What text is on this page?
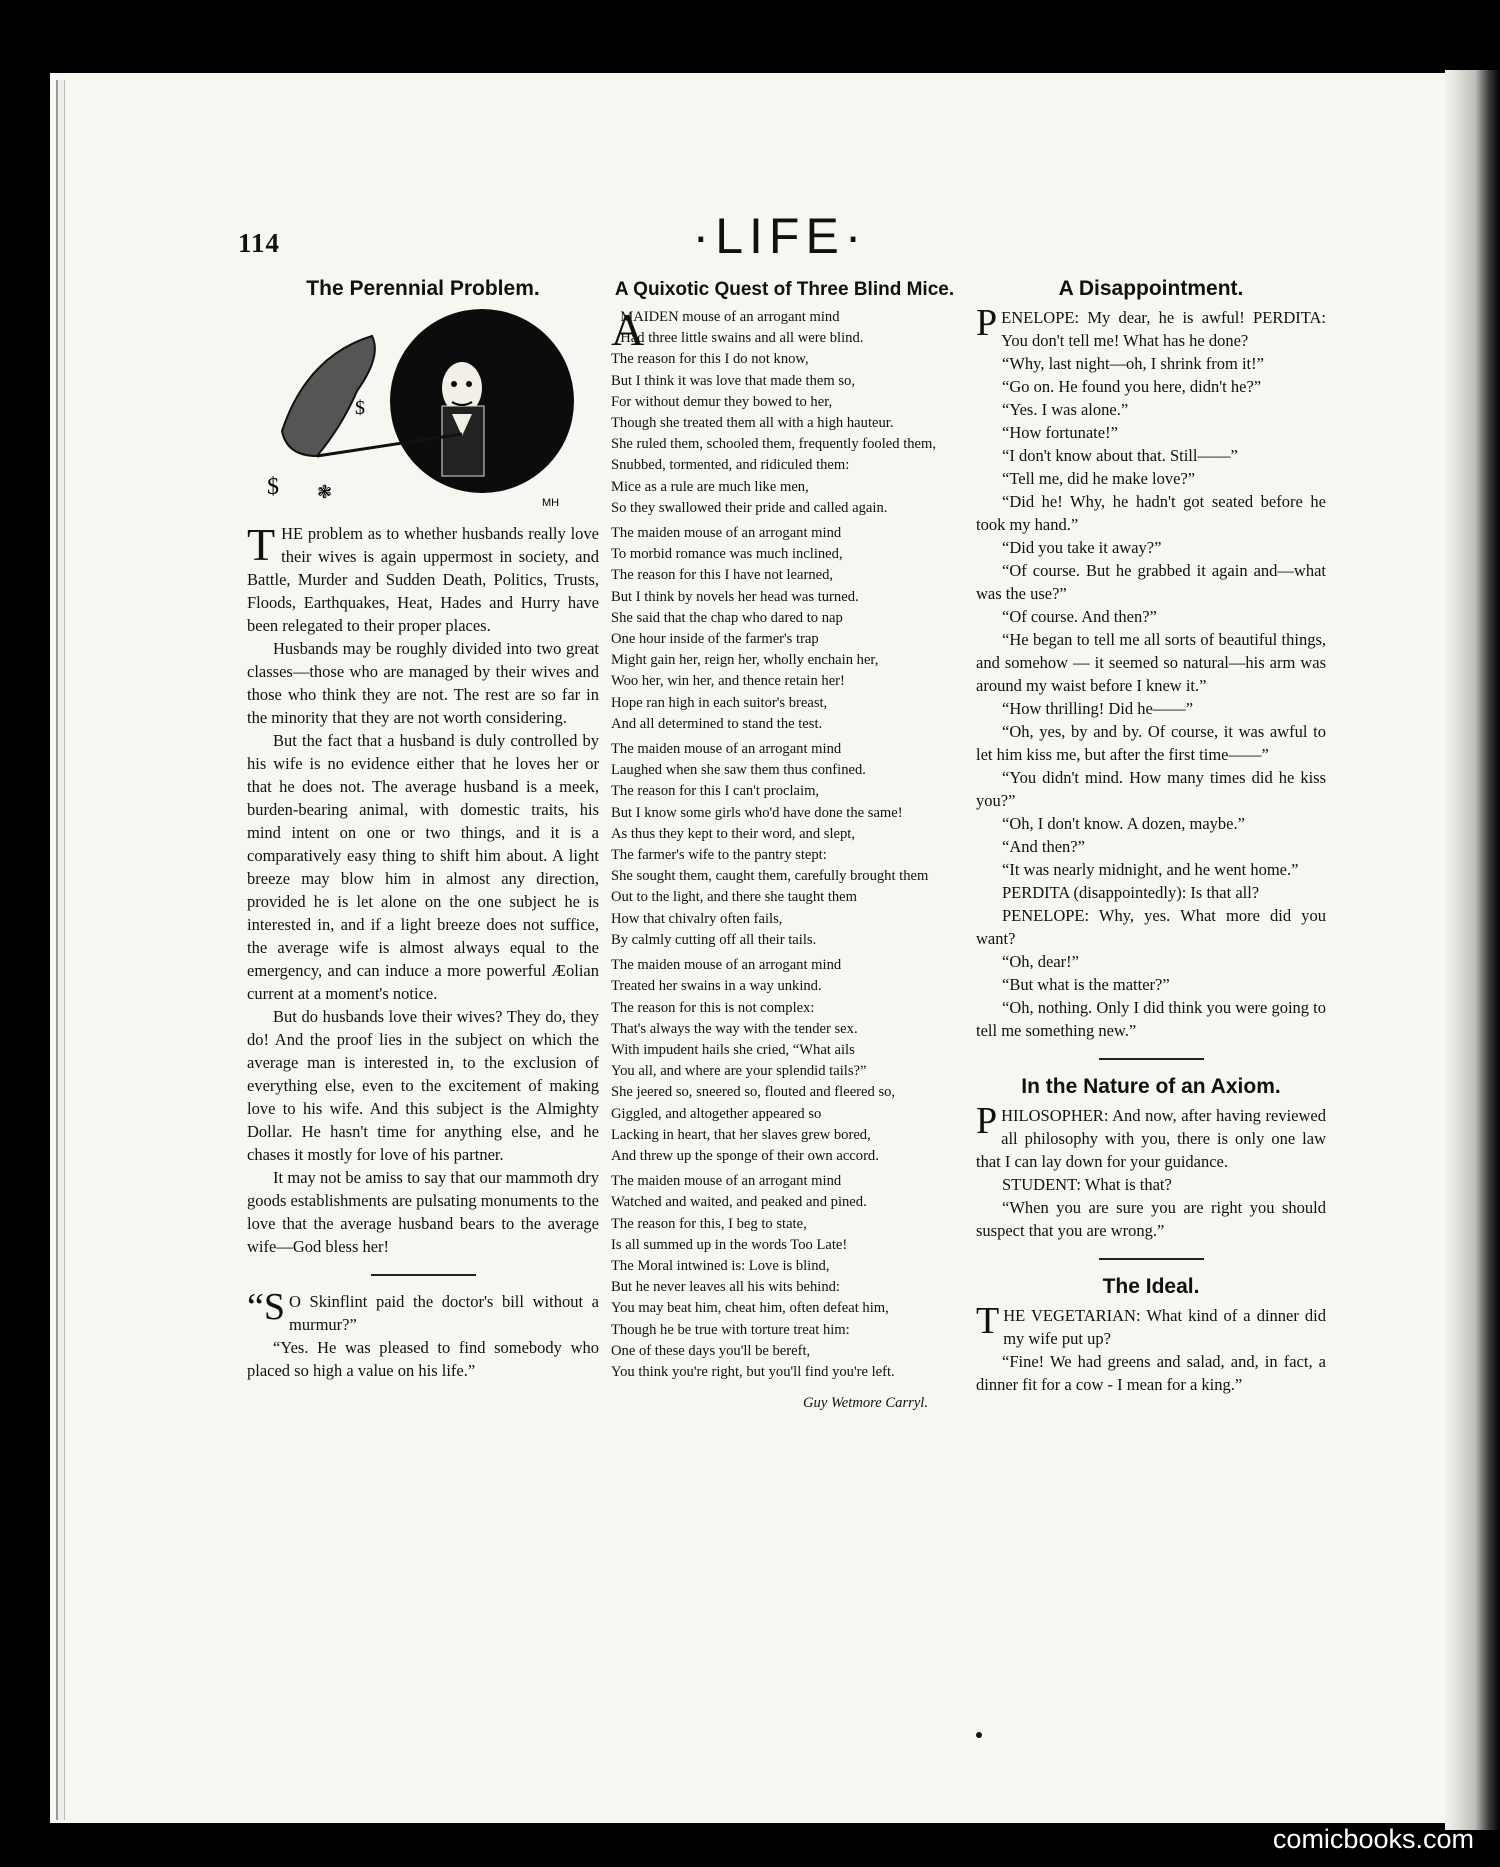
114	·LIFE·
The Perennial Problem.
$
$ ❃
MH

THE problem as to whether husbands really love their wives is again uppermost in society, and Battle, Murder and Sudden Death, Politics, Trusts, Floods, Earthquakes, Heat, Hades and Hurry have been relegated to their proper places.

Husbands may be roughly divided into two great classes—those who are managed by their wives and those who think they are not. The rest are so far in the minority that they are not worth considering.

But the fact that a husband is duly controlled by his wife is no evidence either that he loves her or that he does not. The average husband is a meek, burden-bearing animal, with domestic traits, his mind intent on one or two things, and it is a comparatively easy thing to shift him about. A light breeze may blow him in almost any direction, provided he is let alone on the one subject he is interested in, and if a light breeze does not suffice, the average wife is almost always equal to the emergency, and can induce a more powerful Æolian current at a moment's notice.

But do husbands love their wives? They do, they do! And the proof lies in the subject on which the average man is interested in, to the exclusion of everything else, even to the excitement of making love to his wife. And this subject is the Almighty Dollar. He hasn't time for anything else, and he chases it mostly for love of his partner.

It may not be amiss to say that our mammoth dry goods establishments are pulsating monuments to the love that the average husband bears to the average wife—God bless her!

“S O Skinflint paid the doctor's bill without a murmur?”

“Yes. He was pleased to find somebody who placed so high a value on his life.”

A Quixotic Quest of Three Blind Mice.
A

MAIDEN mouse of an arrogant mind

Had three little swains and all were blind.

The reason for this I do not know,

But I think it was love that made them so,

For without demur they bowed to her,

Though she treated them all with a high hauteur.

She ruled them, schooled them, frequently fooled them,

Snubbed, tormented, and ridiculed them:

Mice as a rule are much like men,

So they swallowed their pride and called again.

The maiden mouse of an arrogant mind

To morbid romance was much inclined,

The reason for this I have not learned,

But I think by novels her head was turned.

She said that the chap who dared to nap

One hour inside of the farmer's trap

Might gain her, reign her, wholly enchain her,

Woo her, win her, and thence retain her!

Hope ran high in each suitor's breast,

And all determined to stand the test.

The maiden mouse of an arrogant mind

Laughed when she saw them thus confined.

The reason for this I can't proclaim,

But I know some girls who'd have done the same!

As thus they kept to their word, and slept,

The farmer's wife to the pantry stept:

She sought them, caught them, carefully brought them

Out to the light, and there she taught them

How that chivalry often fails,

By calmly cutting off all their tails.

The maiden mouse of an arrogant mind

Treated her swains in a way unkind.

The reason for this is not complex:

That's always the way with the tender sex.

With impudent hails she cried, “What ails

You all, and where are your splendid tails?”

She jeered so, sneered so, flouted and fleered so,

Giggled, and altogether appeared so

Lacking in heart, that her slaves grew bored,

And threw up the sponge of their own accord.

The maiden mouse of an arrogant mind

Watched and waited, and peaked and pined.

The reason for this, I beg to state,

Is all summed up in the words Too Late!

The Moral intwined is: Love is blind,

But he never leaves all his wits behind:

You may beat him, cheat him, often defeat him,

Though he be true with torture treat him:

One of these days you'll be bereft,

You think you're right, but you'll find you're left.

Guy Wetmore Carryl.
A Disappointment.

PENELOPE: My dear, he is awful! PERDITA: You don't tell me! What has he done?

“Why, last night—oh, I shrink from it!”

“Go on. He found you here, didn't he?”

“Yes. I was alone.”

“How fortunate!”

“I don't know about that. Still——”

“Tell me, did he make love?”

“Did he! Why, he hadn't got seated before he took my hand.”

“Did you take it away?”

“Of course. But he grabbed it again and—what was the use?”

“Of course. And then?”

“He began to tell me all sorts of beautiful things, and somehow — it seemed so natural—his arm was around my waist before I knew it.”

“How thrilling! Did he——”

“Oh, yes, by and by. Of course, it was awful to let him kiss me, but after the first time——”

“You didn't mind. How many times did he kiss you?”

“Oh, I don't know. A dozen, maybe.”

“And then?”

“It was nearly midnight, and he went home.”

PERDITA (disappointedly): Is that all?

PENELOPE: Why, yes. What more did you want?

“Oh, dear!”

“But what is the matter?”

“Oh, nothing. Only I did think you were going to tell me something new.”

In the Nature of an Axiom.

PHILOSOPHER: And now, after having reviewed all philosophy with you, there is only one law that I can lay down for your guidance.

STUDENT: What is that?

“When you are sure you are right you should suspect that you are wrong.”

The Ideal.

THE VEGETARIAN: What kind of a dinner did my wife put up?

“Fine! We had greens and salad, and, in fact, a dinner fit for a cow - I mean for a king.”

comicbooks.com
